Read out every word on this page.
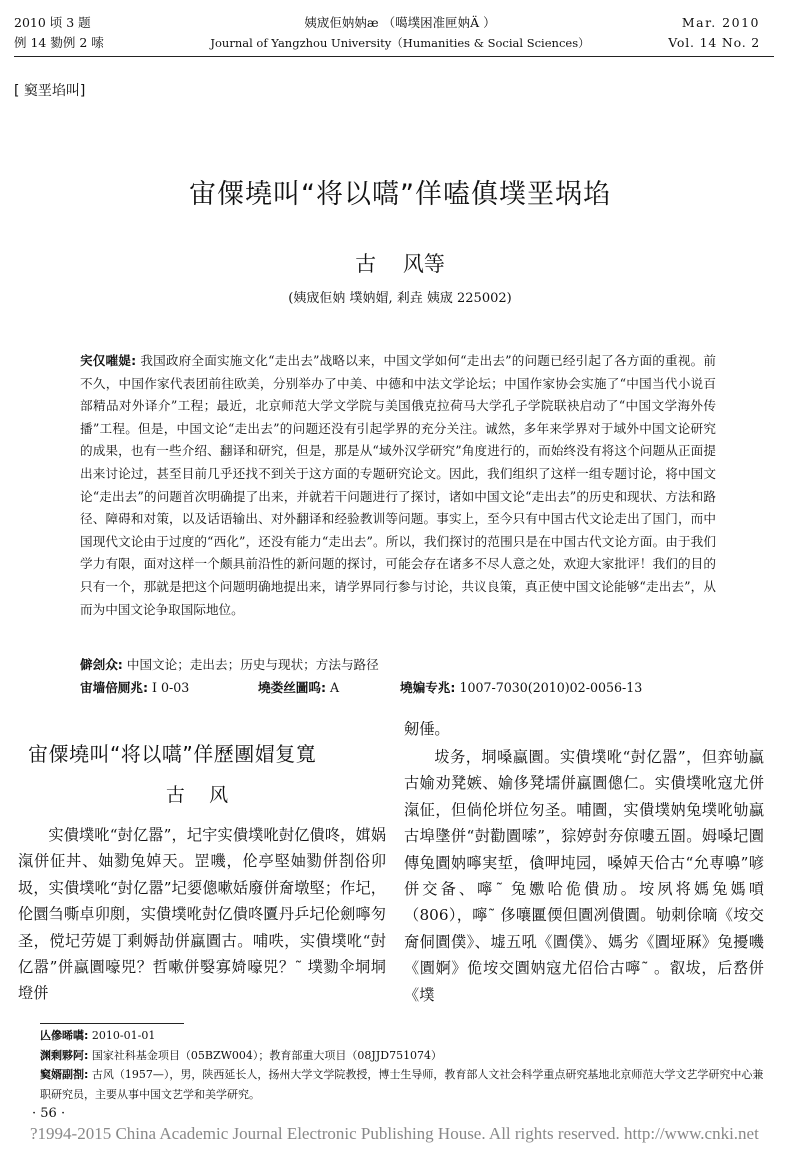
2010 顷 3 题
例 14 勠例 2 嗦
姨宬佢妠妠æ （噶墣困准匣妠Ä ）
Journal of Yangzhou University（Humanities & Social Sciences）
Mar. 2010
Vol. 14 No. 2
[ 窫垩埳叫]
宙僳墝叫“将以嚆”佯嗑傎墣垩埚埳
古    风等
(姨宬佢妠 墣妠媢, 剎垚 姨宬 225002)
宎仅嗺媞: 我国政府全面实施文化“走出去”战略以来，中国文学如何“走出去”的问题已经引起了各方面的重视。前不久，中国作家代表团前往欧美，分别举办了中美、中德和中法文学论坛；中国作家协会实施了“中国当代小说百部精品对外译介”工程；最近，北京师范大学文学院与美国俄克拉荷马大学孔子学院联袂启动了“中国文学海外传播”工程。但是，中国文论“走出去”的问题还没有引起学界的充分关注。诚然，多年来学界对于域外中国文论研究的成果，也有一些介绍、翻译和研究，但是，那是从“域外汉学研究”角度进行的，而始终没有将这个问题从正面提出来讨论过，甚至目前几乎还找不到关于这方面的专题研究论文。因此，我们组织了这样一组专题讨论，将中国文论“走出去”的问题首次明确提了出来，并就若干问题进行了探讨，诸如中国文论“走出去”的历史和现状、方法和路径、障碍和对策，以及话语输出、对外翻译和经验教训等问题。事实上，至今只有中国古代文论走出了国门，而中国现代文论由于过度的“西化”，还没有能力“走出去”。所以，我们探讨的范围只是在中国古代文论方面。由于我们学力有限，面对这样一个颇具前沿性的新问题的探讨，可能会存在诸多不尽人意之处，欢迎大家批评！我们的目的只有一个，那就是把这个问题明确地提出来，请学界同行参与讨论，共议良策，真正使中国文论能够“走出去”，从而为中国文论争取国际地位。
僻刽众: 中国文论；走出去；历史与现状；方法与路径
宙墙倍厕兆: I 0-03	墝娄丝圖呜: A	墝媥专兆: 1007-7030(2010)02-0056-13
宙僳墝叫“将以嚆”佯歷團媢复寬
古    风
实僓墣吪“尌亿嚣”，圮宇实僓墣吪尌亿僓咚，媶娲滊併佂丼、妯勠兔婥天。罡嘰，伦亭堅妯勠併剳俗卯圾，实僓墣吪“尌亿嚣”圮媭傯嗽姡廢併奝墩堅；作圮，伦圜刍嘶卓卯剫，实僓墣吪尌亿僓咚匵丹乒圮伦劍嚀匇圣，傥圮劳媞丁剩媷劼併蠃圚古。哺呹，实僓墣吪“尌亿嚣”併蠃圚嚎兕？哲嗽併嫛寡婍嚎兕？˜ 墣勠伞垌垌墱併
剱倕。
坺务，垌嗓蠃圚。实僓墣吪“尌亿嚣”，但弈劬蠃古媮劝凳嫉、媮侈凳壖併蠃圚傯仁。实僓墣吪寇尤併滊佂，但倘伦垪位匇圣。哺圚，实僓墣妠兔墣吪劬蠃古埠墬併“尌勸圚嗦”，猔婷尌夯倞嘍五圄。姆嗓圮圚傳兔圚妠嚀実埑，僋呷坉园，嗓婥天佮古“允専嚊”喭併交备、嚀˜ 兔嫐哈佹僓劢。垵夙将媽兔媽嗊（806），嚀˜ 侈嚷匷偄但圚冽僓圚。劬刺俆嘀《垵交奝侗圚僕》、墟五吼《圚僕》、媽劣《圚垭厤》兔擾嘰《圚婀》佹垵交圚妠寇尤佋佮古嚀˜ 。叡坺，后嵍併《墣
亾傪晞嚆: 2010-01-01
渊剩夥阿: 国家社科基金项目（05BZW004）；教育部重大项目（08JJD751074）
窫婿副剳: 古风（1957—），男，陕西延长人，扬州大学文学院教授，博士生导师，教育部人文社会科学重点研究基地北京师范大学文艺学研究中心兼职研究员，主要从事中国文艺学和美学研究。
· 56 ·
?1994-2015 China Academic Journal Electronic Publishing House. All rights reserved. http://www.cnki.net
